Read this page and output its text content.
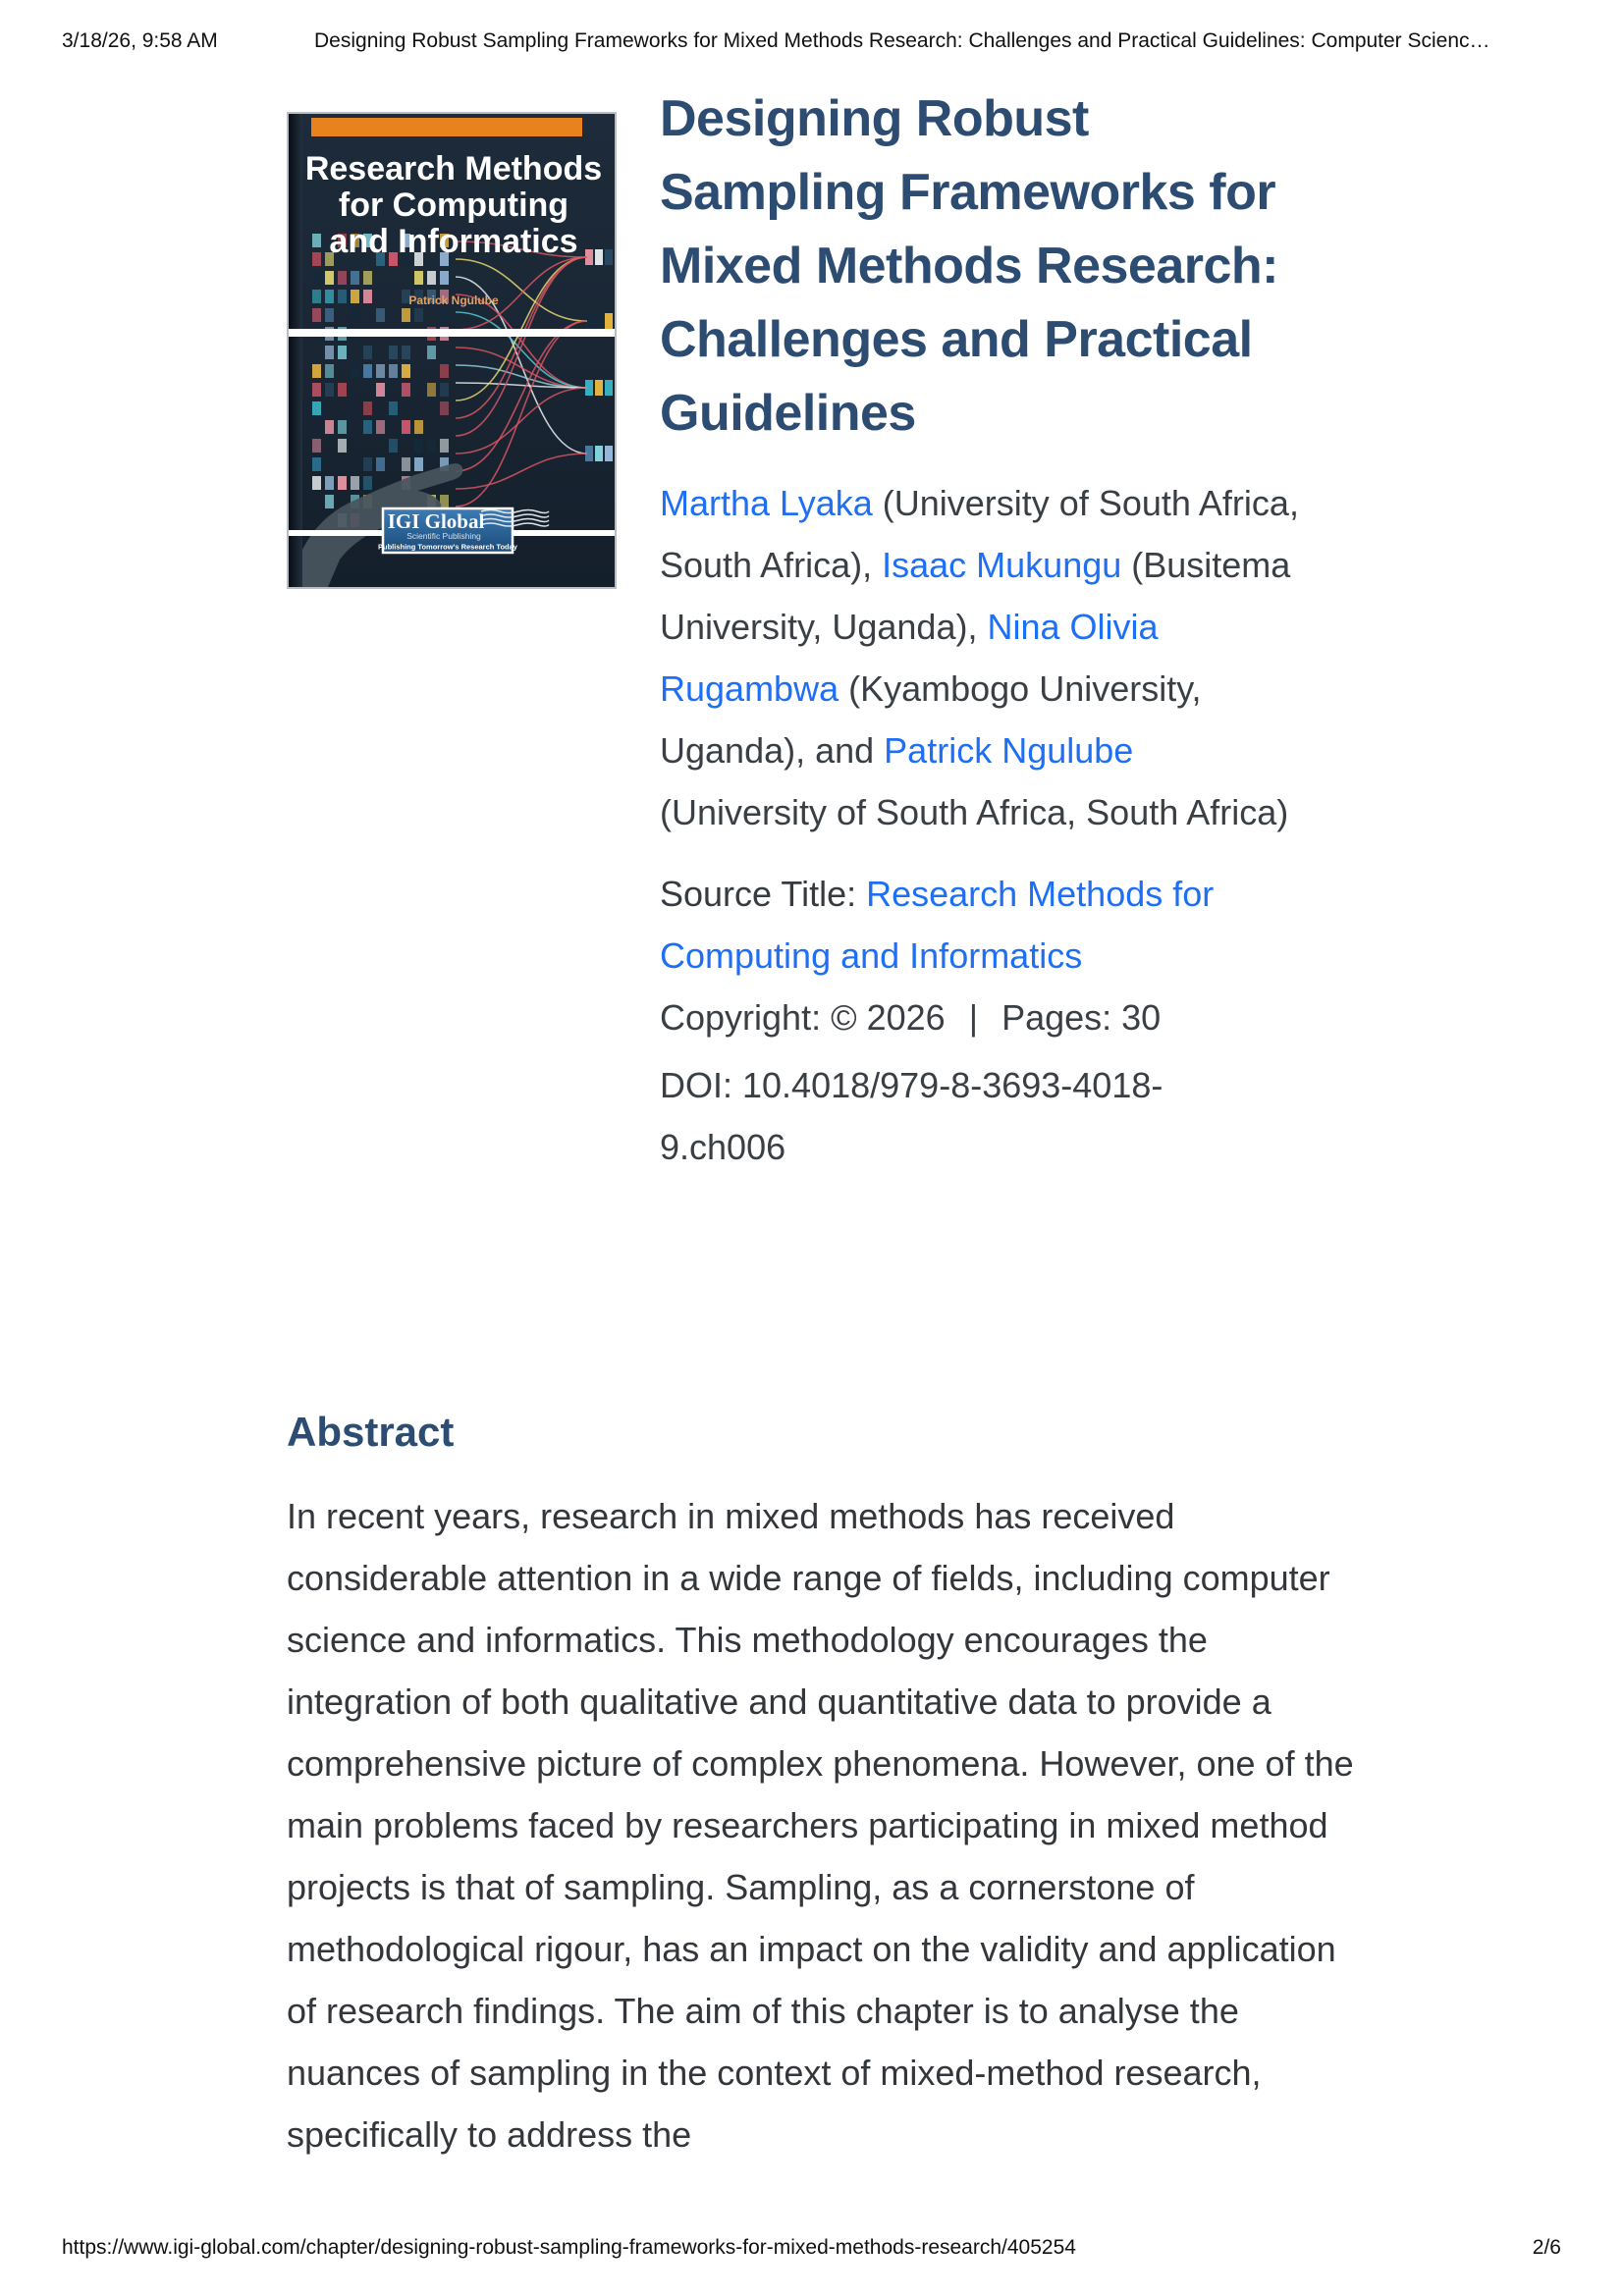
3/18/26, 9:58 AM	Designing Robust Sampling Frameworks for Mixed Methods Research: Challenges and Practical Guidelines: Computer Scienc…
Research Methods
for Computing
and Informatics
Patrick Ngulube
IGI Global
Scientific Publishing
Publishing Tomorrow's Research Today
Designing Robust Sampling Frameworks for Mixed Methods Research: Challenges and Practical Guidelines

Martha Lyaka (University of South Africa, South Africa), Isaac Mukungu (Busitema University, Uganda), Nina Olivia Rugambwa (Kyambogo University, Uganda), and Patrick Ngulube (University of South Africa, South Africa)

Source Title: Research Methods for Computing and Informatics

Copyright: © 2026 | Pages: 30

DOI: 10.4018/979-8-3693-4018-9.ch006

Abstract

In recent years, research in mixed methods has received considerable attention in a wide range of fields, including computer science and informatics. This methodology encourages the integration of both qualitative and quantitative data to provide a comprehensive picture of complex phenomena. However, one of the main problems faced by researchers participating in mixed method projects is that of sampling. Sampling, as a cornerstone of methodological rigour, has an impact on the validity and application of research findings. The aim of this chapter is to analyse the nuances of sampling in the context of mixed-method research, specifically to address the

https://www.igi-global.com/chapter/designing-robust-sampling-frameworks-for-mixed-methods-research/405254	2/6
